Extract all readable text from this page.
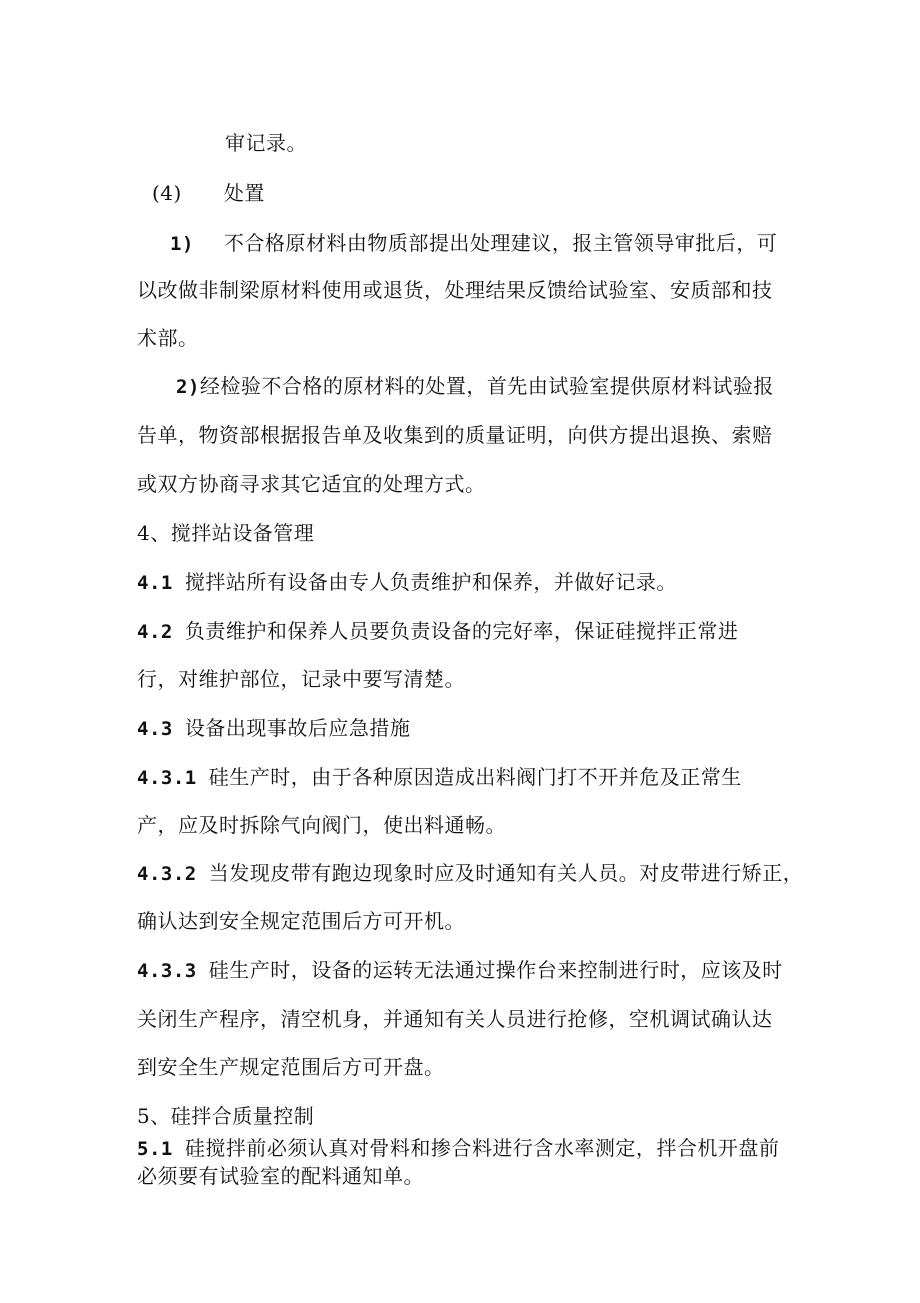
审记录。
(4) 处置
1) 不合格原材料由物质部提出处理建议，报主管领导审批后，可
以改做非制梁原材料使用或退货，处理结果反馈给试验室、安质部和技
术部。
2)经检验不合格的原材料的处置，首先由试验室提供原材料试验报
告单，物资部根据报告单及收集到的质量证明，向供方提出退换、索赔
或双方协商寻求其它适宜的处理方式。
4、搅拌站设备管理
4.1 搅拌站所有设备由专人负责维护和保养，并做好记录。
4.2 负责维护和保养人员要负责设备的完好率，保证硅搅拌正常进
行，对维护部位，记录中要写清楚。
4.3 设备出现事故后应急措施
4.3.1 硅生产时，由于各种原因造成出料阀门打不开并危及正常生
产，应及时拆除气向阀门，使出料通畅。
4.3.2 当发现皮带有跑边现象时应及时通知有关人员。对皮带进行矫正，
确认达到安全规定范围后方可开机。
4.3.3 硅生产时，设备的运转无法通过操作台来控制进行时，应该及时
关闭生产程序，清空机身，并通知有关人员进行抢修，空机调试确认达
到安全生产规定范围后方可开盘。
5、硅拌合质量控制
5.1 硅搅拌前必须认真对骨料和掺合料进行含水率测定，拌合机开盘前
必须要有试验室的配料通知单。
